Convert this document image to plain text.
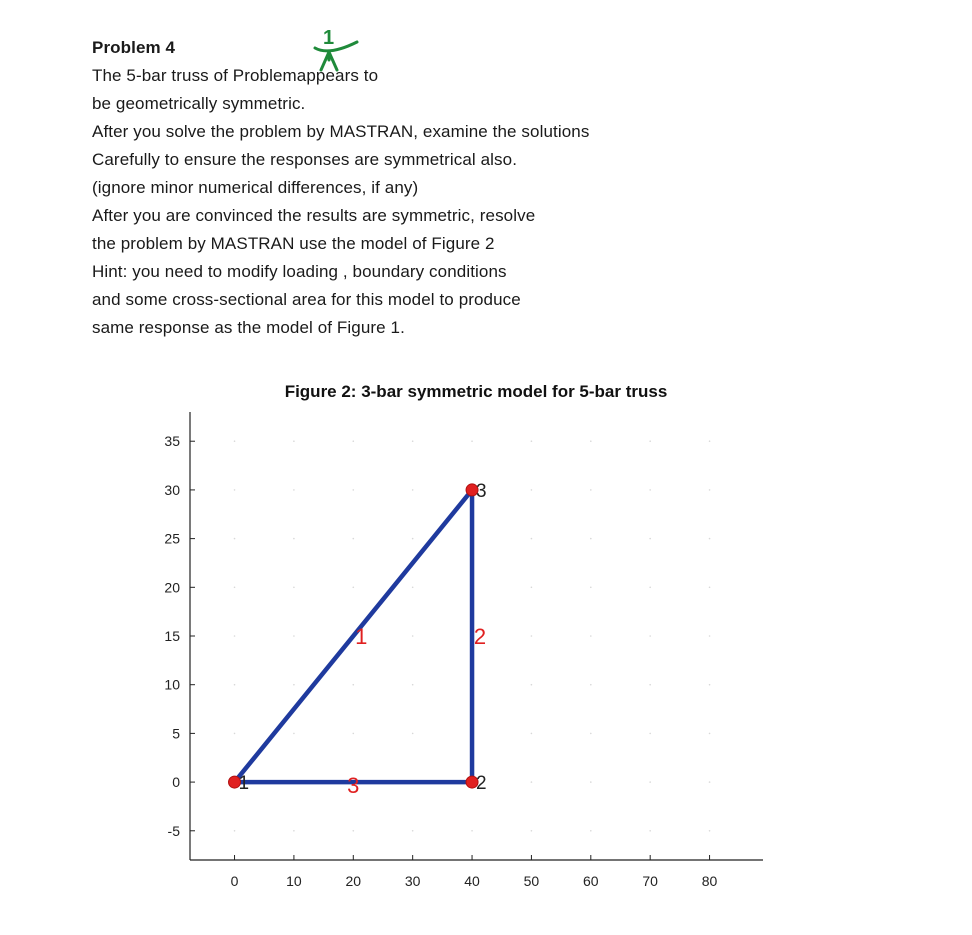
Problem 4
The 5-bar truss of Problemappears to
be geometrically symmetric.
After you solve the problem by MASTRAN, examine the solutions
Carefully to ensure the responses are symmetrical also.
(ignore minor numerical differences, if any)
After you are convinced the results are symmetric, resolve
the problem by MASTRAN use the model of Figure 2
Hint: you need to modify loading , boundary conditions
and some cross-sectional area for this model to produce
same response as the model of Figure 1.
1
Figure 2: 3-bar symmetric model for 5-bar truss
0	10	20	30	40	50	60	70	80
-5
0
5
10
15
20
25
30
35
1	2
3
1	2
3
